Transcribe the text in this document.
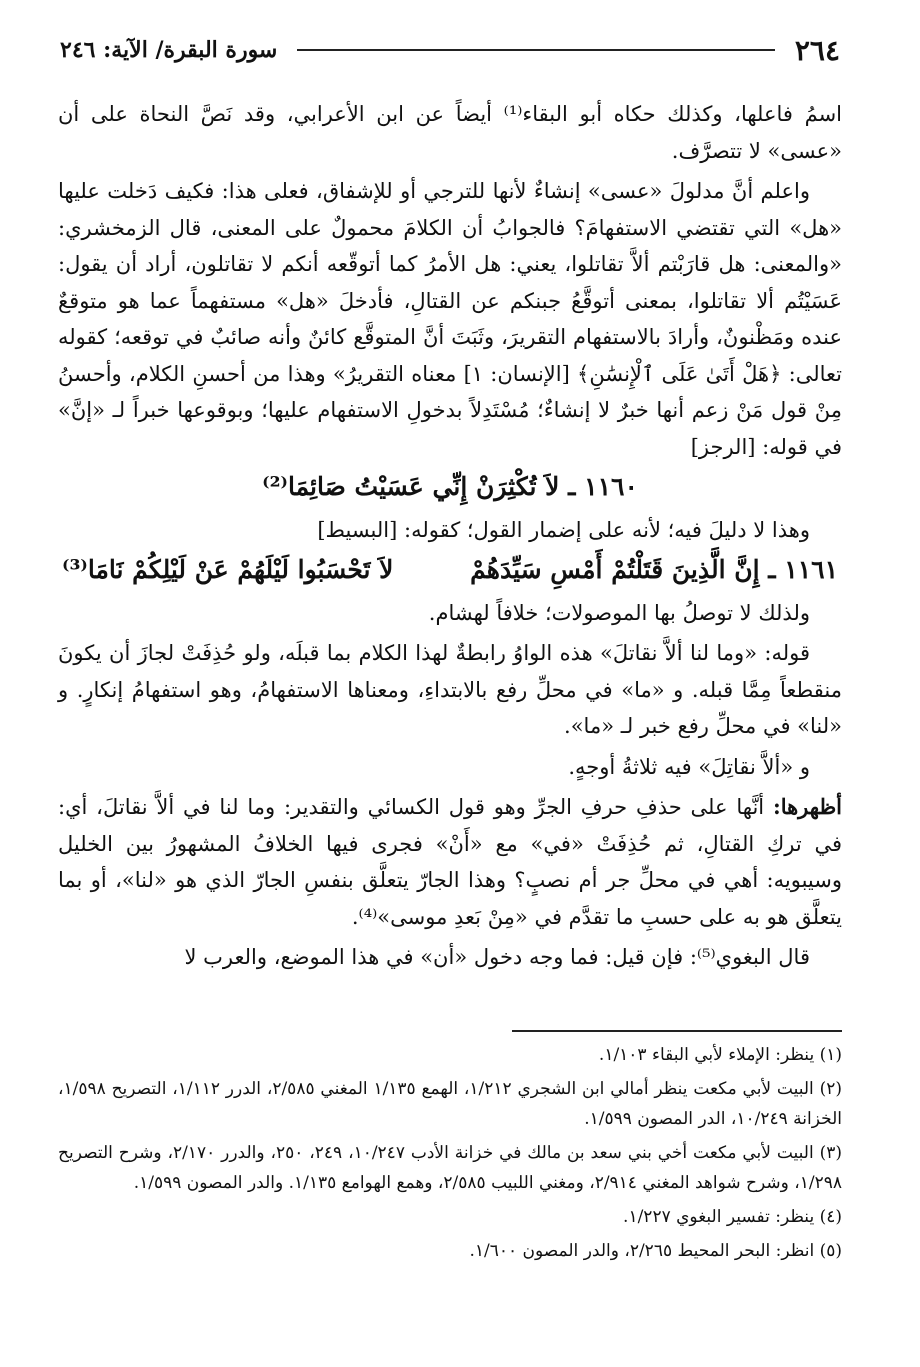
٢٦٤
سورة البقرة/ الآية: ٢٤٦

اسمُ فاعلها، وكذلك حكاه أبو البقاء⁽¹⁾ أيضاً عن ابن الأعرابي، وقد نَصَّ النحاة على أن «عسى» لا تتصرَّف.

واعلم أنَّ مدلولَ «عسى» إنشاءٌ لأنها للترجي أو للإشفاق، فعلى هذا: فكيف دَخلت عليها «هل» التي تقتضي الاستفهامَ؟ فالجوابُ أن الكلامَ محمولٌ على المعنى، قال الزمخشري: «والمعنى: هل قارَبْتم ألاَّ تقاتلوا، يعني: هل الأمرُ كما أتوقّعه أنكم لا تقاتلون، أراد أن يقول: عَسَيْتُم ألا تقاتلوا، بمعنى أتوقَّعُ جبنكم عن القتالِ، فأدخلَ «هل» مستفهماً عما هو متوقعٌ عنده ومَظْنونٌ، وأرادَ بالاستفهام التقريرَ، وثَبَتَ أنَّ المتوقَّع كائنٌ وأنه صائبٌ في توقعه؛ كقوله تعالى: ﴿هَلْ أَتَىٰ عَلَى ٱلْإِنسَٰنِ﴾ [الإنسان: ١] معناه التقريرُ» وهذا من أحسنِ الكلام، وأحسنُ مِنْ قول مَنْ زعم أنها خبرٌ لا إنشاءٌ؛ مُسْتَدِلاً بدخولِ الاستفهام عليها؛ وبوقوعها خبراً لـ «إنَّ» في قوله: [الرجز]

١١٦٠ ـ لاَ تُكْثِرَنْ إِنِّي عَسَيْتُ صَائِمَا⁽²⁾

وهذا لا دليلَ فيه؛ لأنه على إضمار القول؛ كقوله: [البسيط]

١١٦١ ـ إِنَّ الَّذِينَ قَتَلْتُمْ أَمْسِ سَيِّدَهُمْ
لاَ تَحْسَبُوا لَيْلَهُمْ عَنْ لَيْلِكُمْ نَامَا⁽³⁾

ولذلك لا توصلُ بها الموصولات؛ خلافاً لهشام.

قوله: «وما لنا ألاَّ نقاتلَ» هذه الواوُ رابطةٌ لهذا الكلام بما قبلَه، ولو حُذِفَتْ لجازَ أن يكونَ منقطعاً مِمَّا قبله. و «ما» في محلِّ رفع بالابتداءِ، ومعناها الاستفهامُ، وهو استفهامُ إنكارٍ. و «لنا» في محلِّ رفع خبر لـ «ما».

و «ألاَّ نقاتِلَ» فيه ثلاثةُ أوجهٍ.

أظهرها: أنَّها على حذفِ حرفِ الجرِّ وهو قول الكسائي والتقدير: وما لنا في ألاَّ نقاتلَ، أي: في تركِ القتالِ، ثم حُذِفَتْ «في» مع «أَنْ» فجرى فيها الخلافُ المشهورُ بين الخليل وسيبويه: أهي في محلِّ جر أم نصبٍ؟ وهذا الجارّ يتعلَّق بنفسِ الجارّ الذي هو «لنا»، أو بما يتعلَّق هو به على حسبِ ما تقدَّم في «مِنْ بَعدِ موسى»⁽⁴⁾.

قال البغوي⁽⁵⁾: فإن قيل: فما وجه دخول «أن» في هذا الموضع، والعرب لا

(١) ينظر: الإملاء لأبي البقاء ١/١٠٣.
(٢) البيت لأبي مكعت ينظر أمالي ابن الشجري ١/٢١٢، الهمع ١/١٣٥ المغني ٢/٥٨٥، الدرر ١/١١٢، التصريح ١/٥٩٨، الخزانة ١٠/٢٤٩، الدر المصون ١/٥٩٩.
(٣) البيت لأبي مكعت أخي بني سعد بن مالك في خزانة الأدب ١٠/٢٤٧، ٢٤٩، ٢٥٠، والدرر ٢/١٧٠، وشرح التصريح ١/٢٩٨، وشرح شواهد المغني ٢/٩١٤، ومغني اللبيب ٢/٥٨٥، وهمع الهوامع ١/١٣٥. والدر المصون ١/٥٩٩.
(٤) ينظر: تفسير البغوي ١/٢٢٧.
(٥) انظر: البحر المحيط ٢/٢٦٥، والدر المصون ١/٦٠٠.
